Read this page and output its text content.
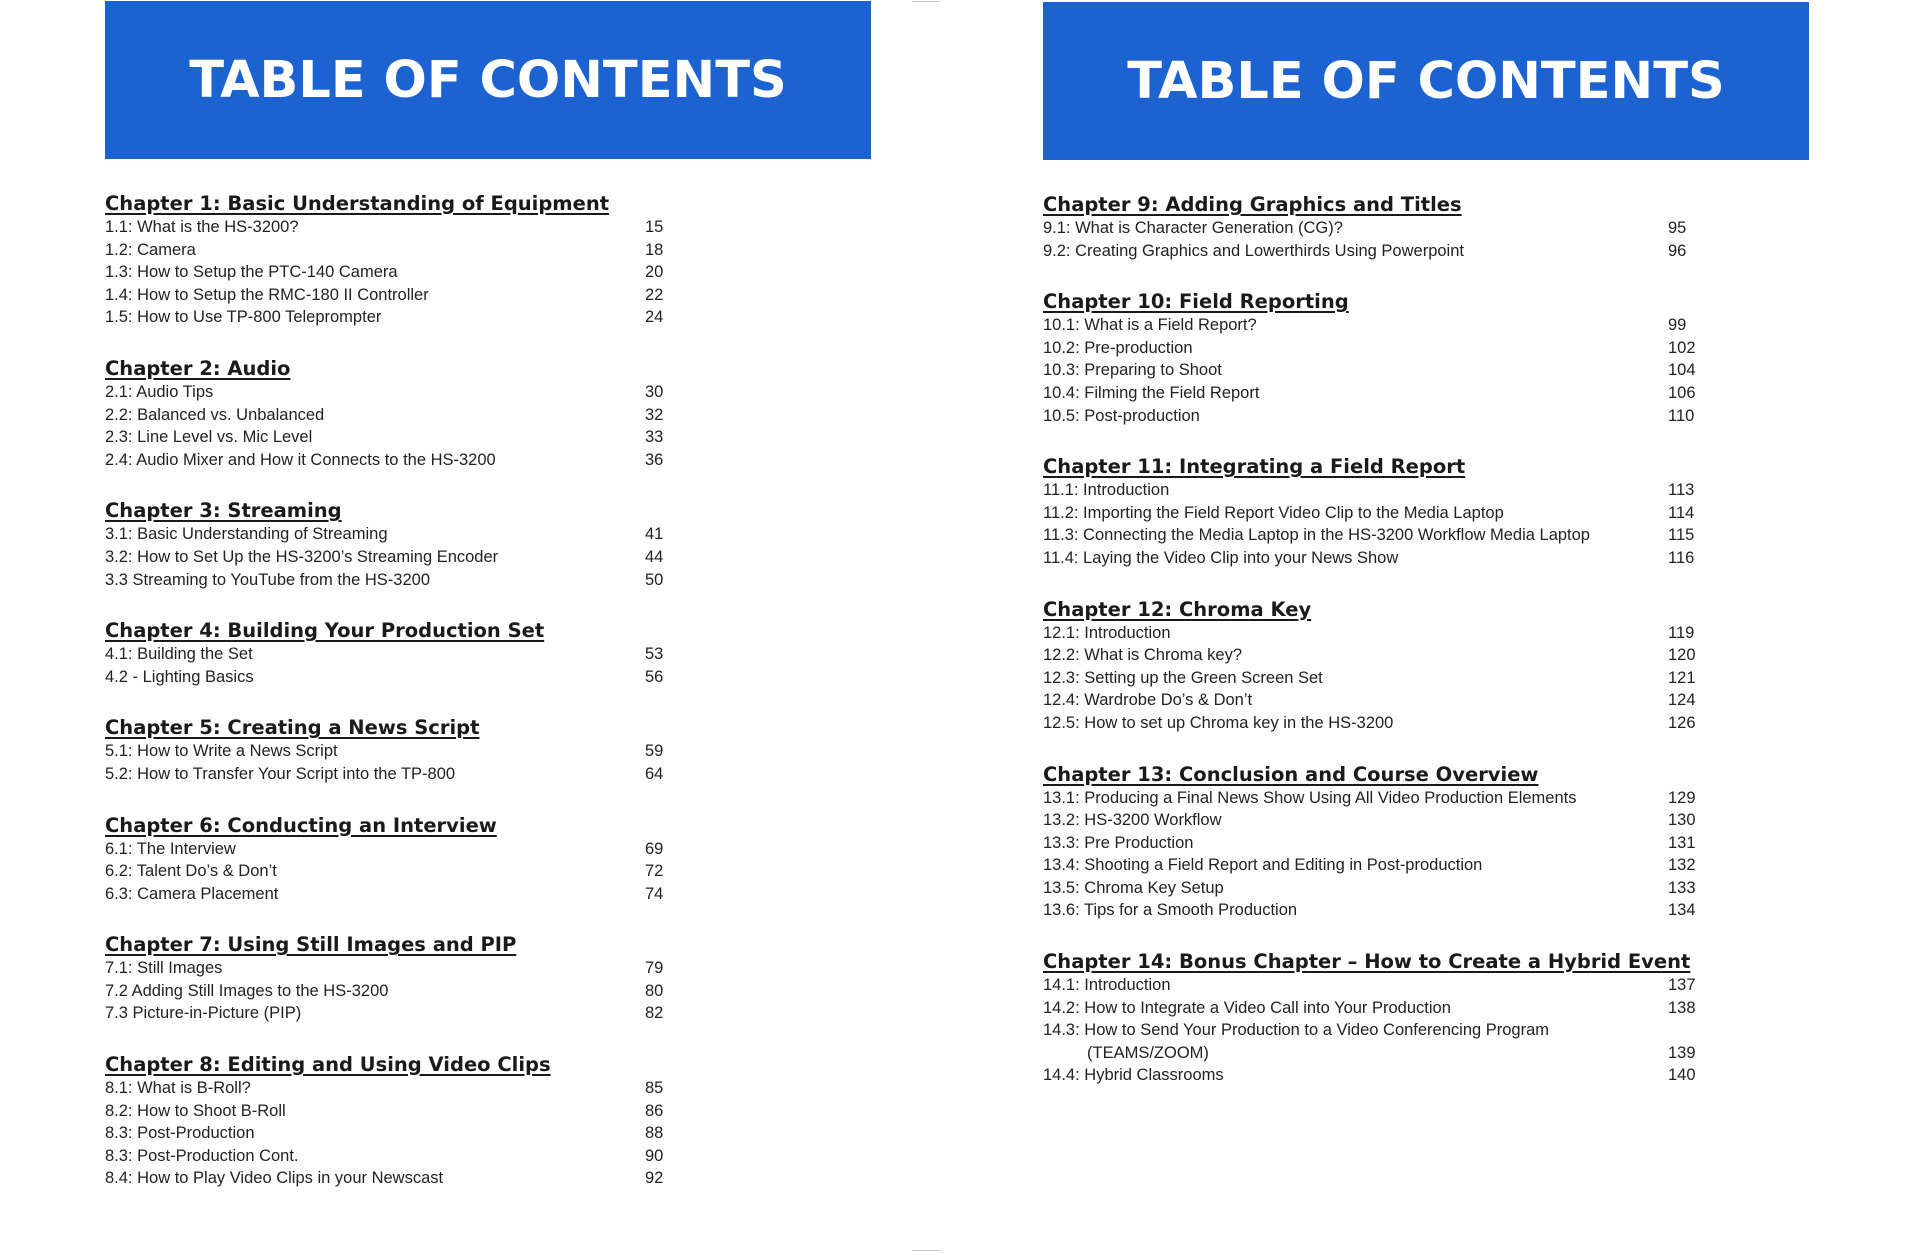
TABLE OF CONTENTS
Chapter 1: Basic Understanding of Equipment
1.1: What is the HS-3200?	15
1.2: Camera	18
1.3: How to Setup the PTC-140 Camera	20
1.4: How to Setup the RMC-180 II Controller	22
1.5: How to Use TP-800 Teleprompter	24
Chapter 2: Audio
2.1: Audio Tips	30
2.2: Balanced vs. Unbalanced	32
2.3: Line Level vs. Mic Level	33
2.4: Audio Mixer and How it Connects to the HS-3200	36
Chapter 3: Streaming
3.1: Basic Understanding of Streaming	41
3.2: How to Set Up the HS-3200’s Streaming Encoder	44
3.3 Streaming to YouTube from the HS-3200	50
Chapter 4: Building Your Production Set
4.1: Building the Set	53
4.2 - Lighting Basics	56
Chapter 5: Creating a News Script
5.1: How to Write a News Script	59
5.2: How to Transfer Your Script into the TP-800	64
Chapter 6: Conducting an Interview
6.1: The Interview	69
6.2: Talent Do’s & Don’t	72
6.3: Camera Placement	74
Chapter 7: Using Still Images and PIP
7.1: Still Images	79
7.2 Adding Still Images to the HS-3200	80
7.3 Picture-in-Picture (PIP)	82
Chapter 8: Editing and Using Video Clips
8.1: What is B-Roll?	85
8.2: How to Shoot B-Roll	86
8.3: Post-Production	88
8.3: Post-Production Cont.	90
8.4: How to Play Video Clips in your Newscast	92
TABLE OF CONTENTS
Chapter 9: Adding Graphics and Titles
9.1: What is Character Generation (CG)?	95
9.2: Creating Graphics and Lowerthirds Using Powerpoint	96
Chapter 10: Field Reporting
10.1: What is a Field Report?	99
10.2: Pre-production	102
10.3: Preparing to Shoot	104
10.4: Filming the Field Report	106
10.5: Post-production	110
Chapter 11: Integrating a Field Report
11.1: Introduction	113
11.2: Importing the Field Report Video Clip to the Media Laptop	114
11.3: Connecting the Media Laptop in the HS-3200 Workflow Media Laptop	115
11.4: Laying the Video Clip into your News Show	116
Chapter 12: Chroma Key
12.1: Introduction	119
12.2: What is Chroma key?	120
12.3: Setting up the Green Screen Set	121
12.4: Wardrobe Do’s & Don’t	124
12.5: How to set up Chroma key in the HS-3200	126
Chapter 13: Conclusion and Course Overview
13.1: Producing a Final News Show Using All Video Production Elements	129
13.2: HS-3200 Workflow	130
13.3: Pre Production	131
13.4: Shooting a Field Report and Editing in Post-production	132
13.5: Chroma Key Setup	133
13.6: Tips for a Smooth Production	134
Chapter 14: Bonus Chapter – How to Create a Hybrid Event
14.1: Introduction	137
14.2: How to Integrate a Video Call into Your Production	138
14.3: How to Send Your Production to a Video Conferencing Program
(TEAMS/ZOOM)	139
14.4: Hybrid Classrooms	140
